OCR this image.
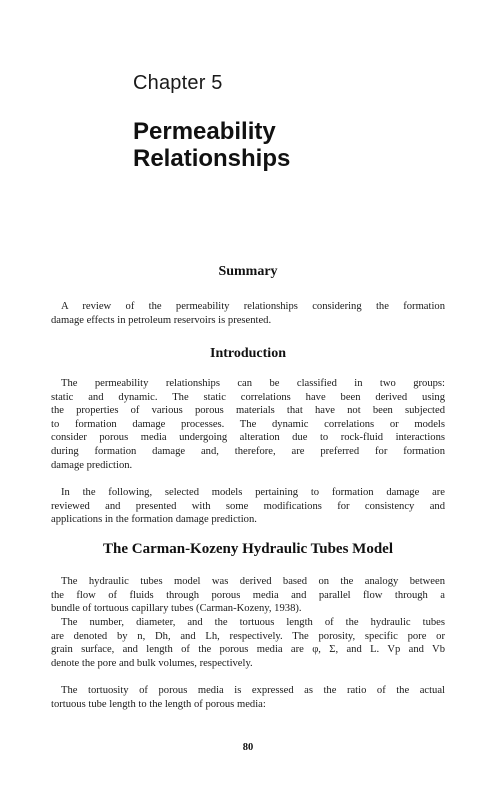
Chapter 5
Permeability
Relationships
Summary
A review of the permeability relationships considering the formation
damage effects in petroleum reservoirs is presented.
Introduction
The permeability relationships can be classified in two groups:
static and dynamic. The static correlations have been derived using
the properties of various porous materials that have not been subjected
to formation damage processes. The dynamic correlations or models
consider porous media undergoing alteration due to rock-fluid interactions
during formation damage and, therefore, are preferred for formation
damage prediction.
In the following, selected models pertaining to formation damage are
reviewed and presented with some modifications for consistency and
applications in the formation damage prediction.
The Carman-Kozeny Hydraulic Tubes Model
The hydraulic tubes model was derived based on the analogy between
the flow of fluids through porous media and parallel flow through a
bundle of tortuous capillary tubes (Carman-Kozeny, 1938).
The number, diameter, and the tortuous length of the hydraulic tubes
are denoted by n, Dh, and Lh, respectively. The porosity, specific pore or
grain surface, and length of the porous media are φ, Σ, and L. Vp and Vb
denote the pore and bulk volumes, respectively.
The tortuosity of porous media is expressed as the ratio of the actual
tortuous tube length to the length of porous media:
80
